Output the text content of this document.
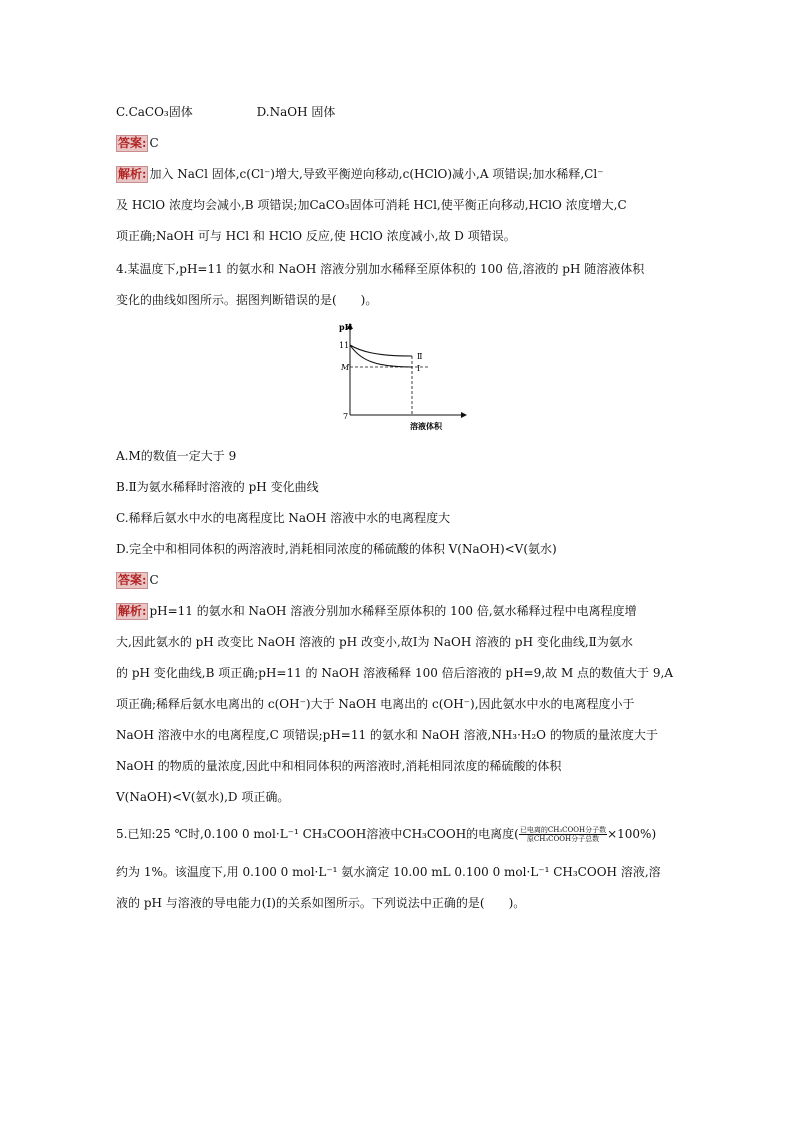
C.CaCO₃固体	D.NaOH 固体
答案: C
解析: 加入 NaCl 固体,c(Cl⁻)增大,导致平衡逆向移动,c(HClO)减小,A 项错误;加水稀释,Cl⁻
及 HClO 浓度均会减小,B 项错误;加CaCO₃固体可消耗 HCl,使平衡正向移动,HClO 浓度增大,C
项正确;NaOH 可与 HCl 和 HClO 反应,使 HClO 浓度减小,故 D 项错误。
4.某温度下,pH=11 的氨水和 NaOH 溶液分别加水稀释至原体积的 100 倍,溶液的 pH 随溶液体积
变化的曲线如图所示。据图判断错误的是(　　)。
pH
11
M
7
Ⅱ
Ⅰ
溶液体积
A.M的数值一定大于 9
B.Ⅱ为氨水稀释时溶液的 pH 变化曲线
C.稀释后氨水中水的电离程度比 NaOH 溶液中水的电离程度大
D.完全中和相同体积的两溶液时,消耗相同浓度的稀硫酸的体积 V(NaOH)<V(氨水)
答案: C
解析: pH=11 的氨水和 NaOH 溶液分别加水稀释至原体积的 100 倍,氨水稀释过程中电离程度增
大,因此氨水的 pH 改变比 NaOH 溶液的 pH 改变小,故Ⅰ为 NaOH 溶液的 pH 变化曲线,Ⅱ为氨水
的 pH 变化曲线,B 项正确;pH=11 的 NaOH 溶液稀释 100 倍后溶液的 pH=9,故 M 点的数值大于 9,A
项正确;稀释后氨水电离出的 c(OH⁻)大于 NaOH 电离出的 c(OH⁻),因此氨水中水的电离程度小于
NaOH 溶液中水的电离程度,C 项错误;pH=11 的氨水和 NaOH 溶液,NH₃·H₂O 的物质的量浓度大于
NaOH 的物质的量浓度,因此中和相同体积的两溶液时,消耗相同浓度的稀硫酸的体积
V(NaOH)<V(氨水),D 项正确。
5.已知:25 ℃时,0.100 0 mol·L⁻¹ CH₃COOH溶液中CH₃COOH的电离度( $\frac{\text{已电离的CH₃COOH分子数}}{\text{原CH₃COOH分子总数}} \times 100\%$)
约为 1%。该温度下,用 0.100 0 mol·L⁻¹ 氨水滴定 10.00 mL 0.100 0 mol·L⁻¹ CH₃COOH 溶液,溶
液的 pH 与溶液的导电能力(I)的关系如图所示。下列说法中正确的是(　　)。
